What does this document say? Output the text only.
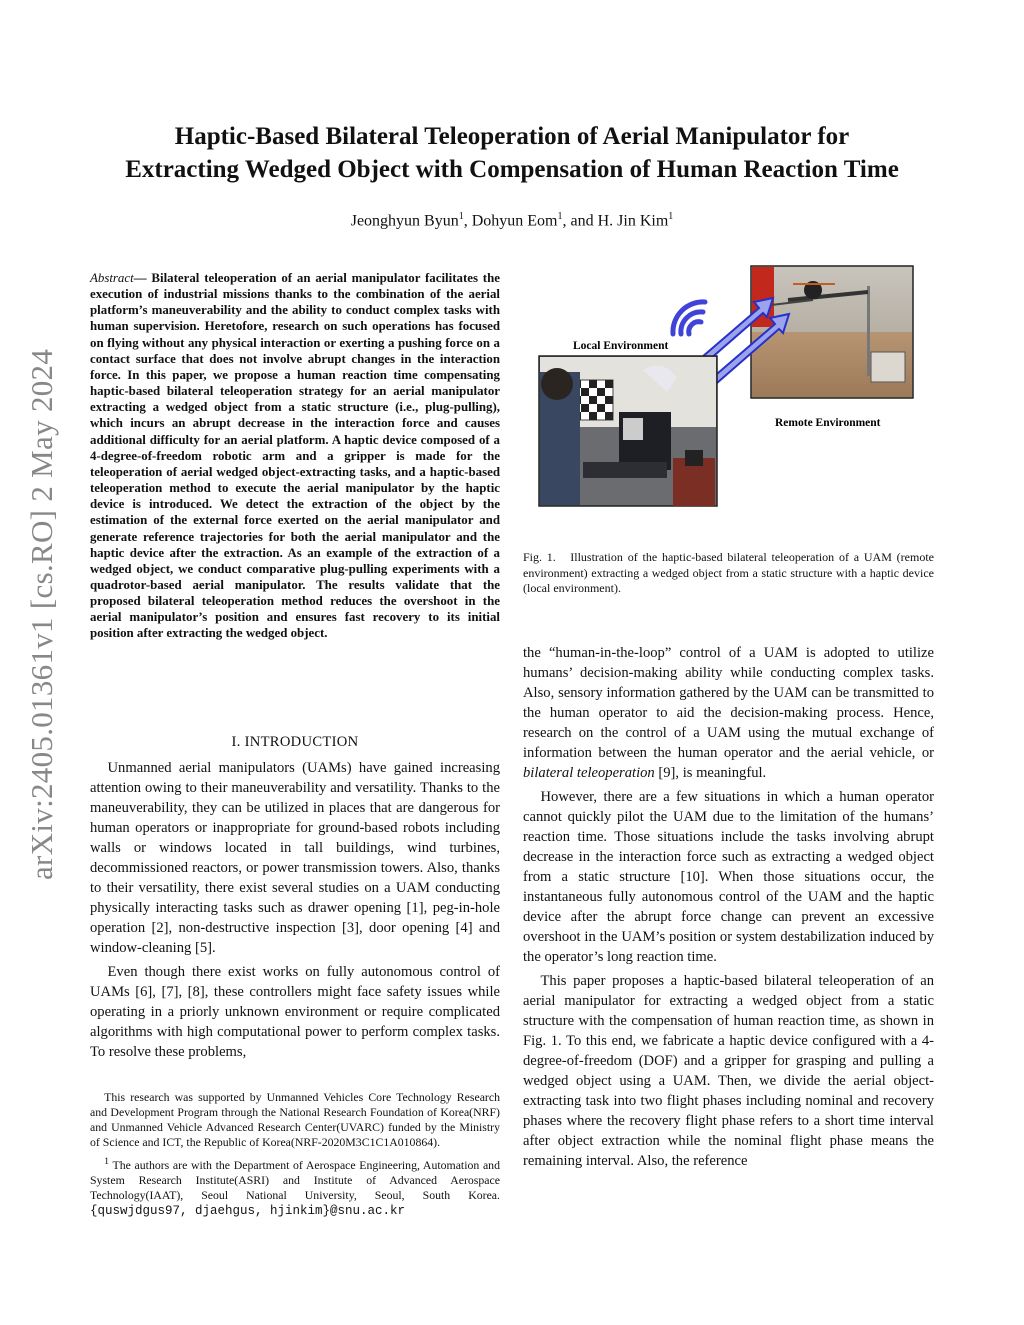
Haptic-Based Bilateral Teleoperation of Aerial Manipulator for
Extracting Wedged Object with Compensation of Human Reaction Time
Jeonghyun Byun$^1$, Dohyun Eom$^1$, and H. Jin Kim$^1$
arXiv:2405.01361v1 [cs.RO] 2 May 2024
Abstract— Bilateral teleoperation of an aerial manipulator facilitates the execution of industrial missions thanks to the combination of the aerial platform’s maneuverability and the ability to conduct complex tasks with human supervision. Heretofore, research on such operations has focused on flying without any physical interaction or exerting a pushing force on a contact surface that does not involve abrupt changes in the interaction force. In this paper, we propose a human reaction time compensating haptic-based bilateral teleoperation strategy for an aerial manipulator extracting a wedged object from a static structure (i.e., plug-pulling), which incurs an abrupt decrease in the interaction force and causes additional difficulty for an aerial platform. A haptic device composed of a 4-degree-of-freedom robotic arm and a gripper is made for the teleoperation of aerial wedged object-extracting tasks, and a haptic-based teleoperation method to execute the aerial manipulator by the haptic device is introduced. We detect the extraction of the object by the estimation of the external force exerted on the aerial manipulator and generate reference trajectories for both the aerial manipulator and the haptic device after the extraction. As an example of the extraction of a wedged object, we conduct comparative plug-pulling experiments with a quadrotor-based aerial manipulator. The results validate that the proposed bilateral teleoperation method reduces the overshoot in the aerial manipulator’s position and ensures fast recovery to its initial position after extracting the wedged object.
I. INTRODUCTION

Unmanned aerial manipulators (UAMs) have gained increasing attention owing to their maneuverability and versatility. Thanks to the maneuverability, they can be utilized in places that are dangerous for human operators or inappropriate for ground-based robots including walls or windows located in tall buildings, wind turbines, decommissioned reactors, or power transmission towers. Also, thanks to their versatility, there exist several studies on a UAM conducting physically interacting tasks such as drawer opening [1], peg-in-hole operation [2], non-destructive inspection [3], door opening [4] and window-cleaning [5].

Even though there exist works on fully autonomous control of UAMs [6], [7], [8], these controllers might face safety issues while operating in a priorly unknown environment or require complicated algorithms with high computational power to perform complex tasks. To resolve these problems,

This research was supported by Unmanned Vehicles Core Technology Research and Development Program through the National Research Foundation of Korea(NRF) and Unmanned Vehicle Advanced Research Center(UVARC) funded by the Ministry of Science and ICT, the Republic of Korea(NRF-2020M3C1C1A010864).

$^1$ The authors are with the Department of Aerospace Engineering, Automation and System Research Institute(ASRI) and Institute of Advanced Aerospace Technology(IAAT), Seoul National University, Seoul, South Korea. {quswjdgus97, djaehgus, hjinkim}@snu.ac.kr

Local Environment
Remote Environment
Fig. 1. Illustration of the haptic-based bilateral teleoperation of a UAM (remote environment) extracting a wedged object from a static structure with a haptic device (local environment).

the “human-in-the-loop” control of a UAM is adopted to utilize humans’ decision-making ability while conducting complex tasks. Also, sensory information gathered by the UAM can be transmitted to the human operator to aid the decision-making process. Hence, research on the control of a UAM using the mutual exchange of information between the human operator and the aerial vehicle, or bilateral teleoperation [9], is meaningful.

However, there are a few situations in which a human operator cannot quickly pilot the UAM due to the limitation of the humans’ reaction time. Those situations include the tasks involving abrupt decrease in the interaction force such as extracting a wedged object from a static structure [10]. When those situations occur, the instantaneous fully autonomous control of the UAM and the haptic device after the abrupt force change can prevent an excessive overshoot in the UAM’s position or system destabilization induced by the operator’s long reaction time.

This paper proposes a haptic-based bilateral teleoperation of an aerial manipulator for extracting a wedged object from a static structure with the compensation of human reaction time, as shown in Fig. 1. To this end, we fabricate a haptic device configured with a 4-degree-of-freedom (DOF) and a gripper for grasping and pulling a wedged object using a UAM. Then, we divide the aerial object-extracting task into two flight phases including nominal and recovery phases where the recovery flight phase refers to a short time interval after object extraction while the nominal flight phase means the remaining interval. Also, the reference
